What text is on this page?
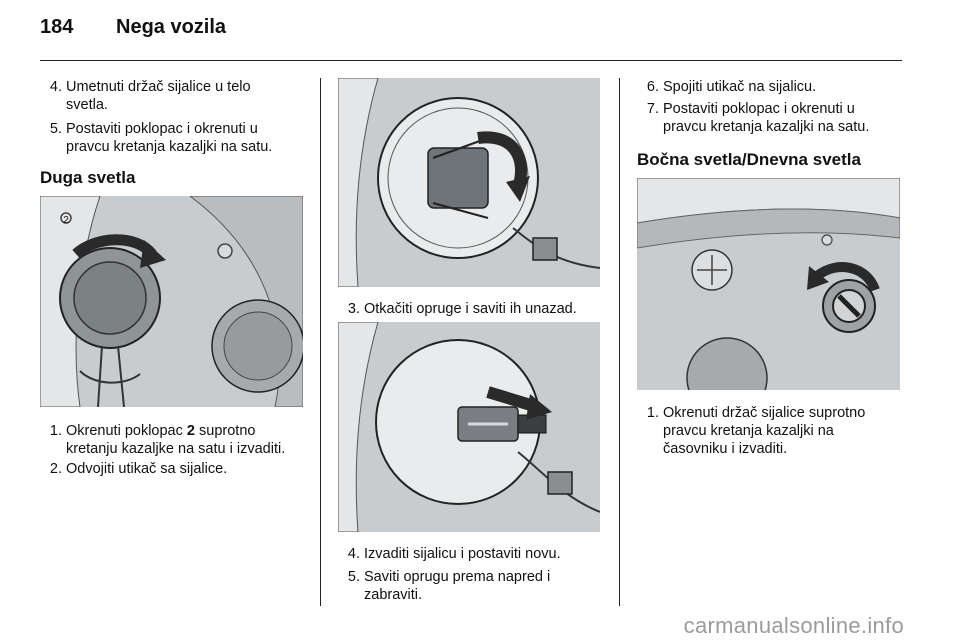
184	Nega vozila
4. Umetnuti držač sijalice u telo
svetla.
5. Postaviti poklopac i okrenuti u
pravcu kretanja kazaljki na satu.
Duga svetla
2
1. Okrenuti poklopac 2 suprotno
kretanju kazaljke na satu i izvaditi.
2. Odvojiti utikač sa sijalice.
3. Otkačiti opruge i saviti ih unazad.
4. Izvaditi sijalicu i postaviti novu.
5. Saviti oprugu prema napred i
zabraviti.
6. Spojiti utikač na sijalicu.
7. Postaviti poklopac i okrenuti u
pravcu kretanja kazaljki na satu.
Bočna svetla/Dnevna svetla
1. Okrenuti držač sijalice suprotno
pravcu kretanja kazaljki na
časovniku i izvaditi.
carmanualsonline.info
